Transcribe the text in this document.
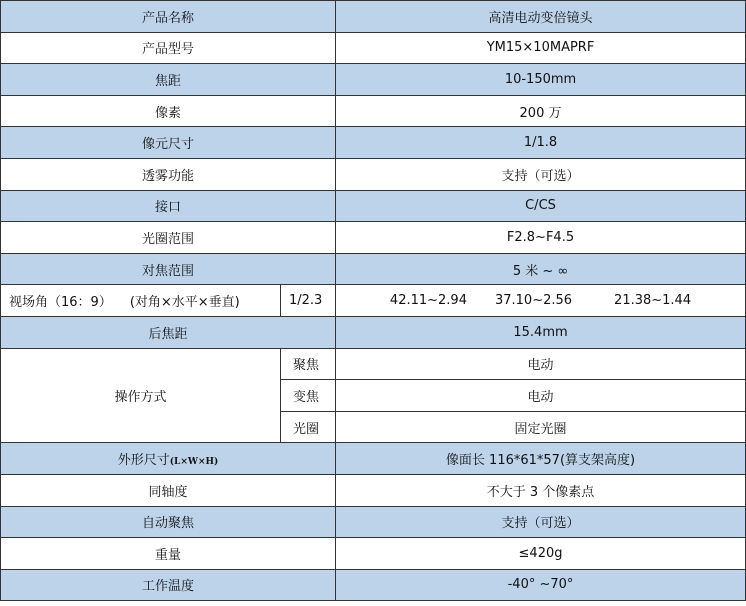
产品名称		高清电动变倍镜头
产品型号		YM15×10MAPRF
焦距		10-150mm
像素		200 万
像元尺寸		1/1.8
透雾功能		支持（可选）
接口		C/CS
光圈范围		F2.8~F4.5
对焦范围		5 米 ~ ∞
视场角（16：9） (对角×水平×垂直)	1/2.3	42.11~2.94 37.10~2.56 21.38~1.44
后焦距		15.4mm
操作方式	聚焦	电动
	变焦	电动
	光圈	固定光圈
外形尺寸(L×W×H)		像面长 116*61*57(算支架高度)
同轴度		不大于 3 个像素点
自动聚焦		支持（可选）
重量		≤420g
工作温度		-40° ~70°
